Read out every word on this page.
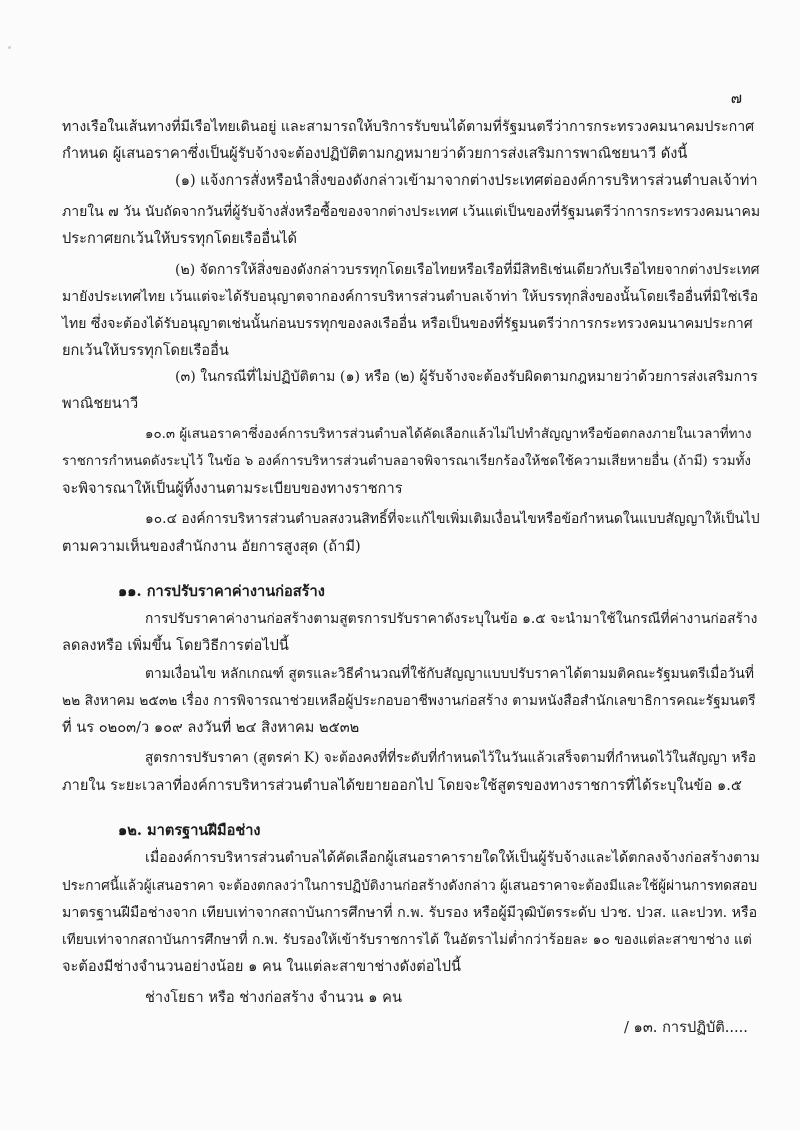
๗
ทางเรือในเส้นทางที่มีเรือไทยเดินอยู่ และสามารถให้บริการรับขนได้ตามที่รัฐมนตรีว่าการกระทรวงคมนาคมประกาศ
กำหนด ผู้เสนอราคาซึ่งเป็นผู้รับจ้างจะต้องปฏิบัติตามกฎหมายว่าด้วยการส่งเสริมการพาณิชยนาวี ดังนี้
(๑) แจ้งการสั่งหรือนำสิ่งของดังกล่าวเข้ามาจากต่างประเทศต่อองค์การบริหารส่วนตำบลเจ้าท่า
ภายใน ๗ วัน นับถัดจากวันที่ผู้รับจ้างสั่งหรือซื้อของจากต่างประเทศ เว้นแต่เป็นของที่รัฐมนตรีว่าการกระทรวงคมนาคม
ประกาศยกเว้นให้บรรทุกโดยเรืออื่นได้
(๒) จัดการให้สิ่งของดังกล่าวบรรทุกโดยเรือไทยหรือเรือที่มีสิทธิเช่นเดียวกับเรือไทยจากต่างประเทศ
มายังประเทศไทย เว้นแต่จะได้รับอนุญาตจากองค์การบริหารส่วนตำบลเจ้าท่า ให้บรรทุกสิ่งของนั้นโดยเรืออื่นที่มิใช่เรือ
ไทย ซึ่งจะต้องได้รับอนุญาตเช่นนั้นก่อนบรรทุกของลงเรืออื่น หรือเป็นของที่รัฐมนตรีว่าการกระทรวงคมนาคมประกาศ
ยกเว้นให้บรรทุกโดยเรืออื่น
(๓) ในกรณีที่ไม่ปฏิบัติตาม (๑) หรือ (๒) ผู้รับจ้างจะต้องรับผิดตามกฎหมายว่าด้วยการส่งเสริมการ
พาณิชยนาวี
๑๐.๓ ผู้เสนอราคาซึ่งองค์การบริหารส่วนตำบลได้คัดเลือกแล้วไม่ไปทำสัญญาหรือข้อตกลงภายในเวลาที่ทาง
ราชการกำหนดดังระบุไว้ ในข้อ ๖ องค์การบริหารส่วนตำบลอาจพิจารณาเรียกร้องให้ชดใช้ความเสียหายอื่น (ถ้ามี) รวมทั้ง
จะพิจารณาให้เป็นผู้ทิ้งงานตามระเบียบของทางราชการ
๑๐.๔ องค์การบริหารส่วนตำบลสงวนสิทธิ์ที่จะแก้ไขเพิ่มเติมเงื่อนไขหรือข้อกำหนดในแบบสัญญาให้เป็นไป
ตามความเห็นของสำนักงาน อัยการสูงสุด (ถ้ามี)
๑๑. การปรับราคาค่างานก่อสร้าง
การปรับราคาค่างานก่อสร้างตามสูตรการปรับราคาดังระบุในข้อ ๑.๕ จะนำมาใช้ในกรณีที่ค่างานก่อสร้าง
ลดลงหรือ เพิ่มขึ้น โดยวิธีการต่อไปนี้
ตามเงื่อนไข หลักเกณฑ์ สูตรและวิธีคำนวณที่ใช้กับสัญญาแบบปรับราคาได้ตามมติคณะรัฐมนตรีเมื่อวันที่
๒๒ สิงหาคม ๒๕๓๒ เรื่อง การพิจารณาช่วยเหลือผู้ประกอบอาชีพงานก่อสร้าง ตามหนังสือสำนักเลขาธิการคณะรัฐมนตรี
ที่ นร ๐๒๐๓/ว ๑๐๙ ลงวันที่ ๒๔ สิงหาคม ๒๕๓๒
สูตรการปรับราคา (สูตรค่า K) จะต้องคงที่ที่ระดับที่กำหนดไว้ในวันแล้วเสร็จตามที่กำหนดไว้ในสัญญา หรือ
ภายใน ระยะเวลาที่องค์การบริหารส่วนตำบลได้ขยายออกไป โดยจะใช้สูตรของทางราชการที่ได้ระบุในข้อ ๑.๕
๑๒. มาตรฐานฝีมือช่าง
เมื่อองค์การบริหารส่วนตำบลได้คัดเลือกผู้เสนอราคารายใดให้เป็นผู้รับจ้างและได้ตกลงจ้างก่อสร้างตาม
ประกาศนี้แล้วผู้เสนอราคา จะต้องตกลงว่าในการปฏิบัติงานก่อสร้างดังกล่าว ผู้เสนอราคาจะต้องมีและใช้ผู้ผ่านการทดสอบ
มาตรฐานฝีมือช่างจาก เทียบเท่าจากสถาบันการศึกษาที่ ก.พ. รับรอง หรือผู้มีวุฒิบัตรระดับ ปวช. ปวส. และปวท. หรือ
เทียบเท่าจากสถาบันการศึกษาที่ ก.พ. รับรองให้เข้ารับราชการได้ ในอัตราไม่ต่ำกว่าร้อยละ ๑๐ ของแต่ละสาขาช่าง แต่
จะต้องมีช่างจำนวนอย่างน้อย ๑ คน ในแต่ละสาขาช่างดังต่อไปนี้
ช่างโยธา หรือ ช่างก่อสร้าง จำนวน ๑ คน
/ ๑๓. การปฏิบัติ.....
